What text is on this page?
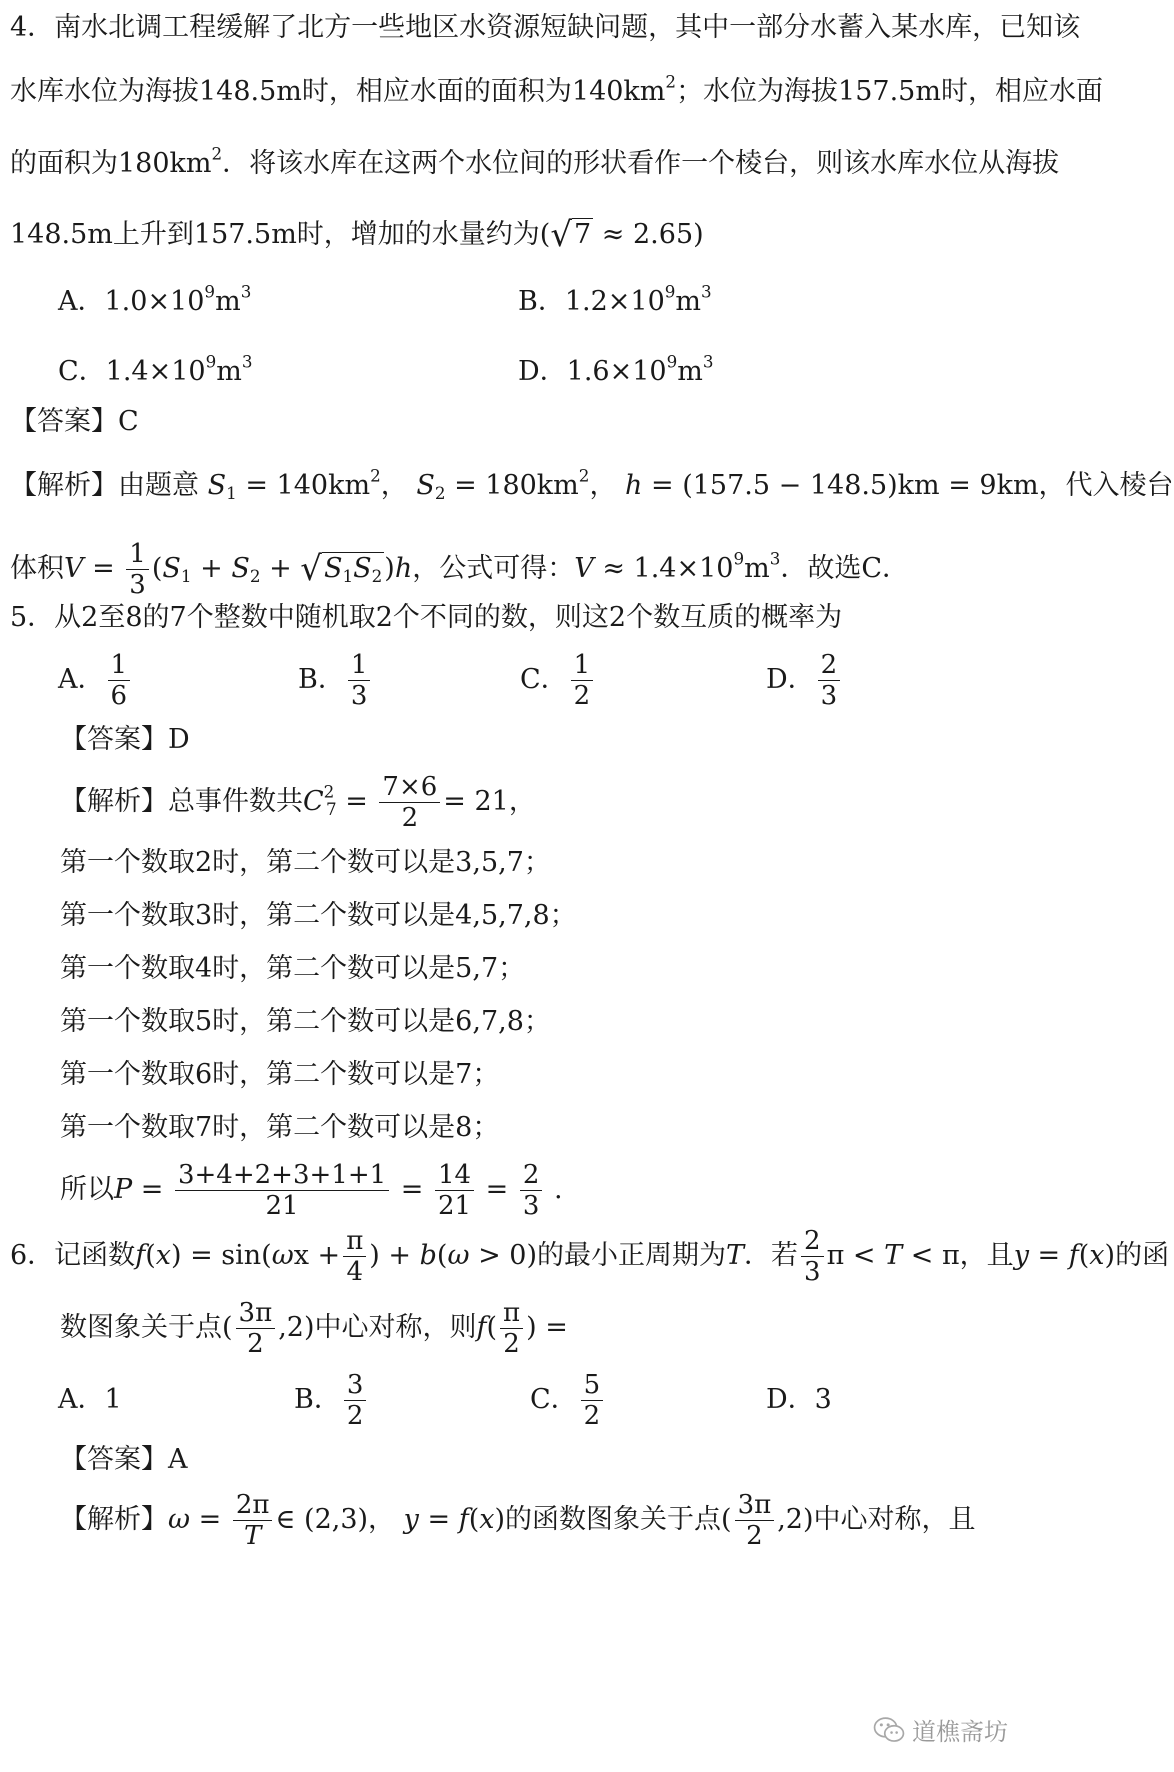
4．南水北调工程缓解了北方一些地区水资源短缺问题，其中一部分水蓄入某水库，已知该
水库水位为海拔148.5m时，相应水面的面积为$140km^2$；水位为海拔157.5m时，相应水面
的面积为$180km^2$．将该水库在这两个水位间的形状看作一个棱台，则该水库水位从海拔
148.5m上升到157.5m时，增加的水量约为(√7 ≈ 2.65)
A．$1.0\times 10^9m^3$	B．$1.2\times 10^9m^3$
C．$1.4\times 10^9m^3$	D．$1.6\times 10^9m^3$
【答案】C
【解析】由题意 $S_1 = 140km^2$， $S_2 = 180km^2$， h = (157.5 − 148.5)km = 9km，代入棱台
体积$V = \frac{1}{3} (S_1 + S_2 + √S_1S_2)h$，公式可得：$V \approx 1.4\times 10^9m^3$．故选C．
5．从2至8的7个整数中随机取2个不同的数，则这2个数互质的概率为
A． $\frac{1}{6}$	B． $\frac{1}{3}$	C． $\frac{1}{2}$	D． $\frac{2}{3}$
【答案】D
【解析】总事件数共$C^2_7 = \frac{7\times 6}{2} = 21$，
第一个数取2时，第二个数可以是3,5,7；
第一个数取3时，第二个数可以是4,5,7,8；
第一个数取4时，第二个数可以是5,7；
第一个数取5时，第二个数可以是6,7,8；
第一个数取6时，第二个数可以是7；
第一个数取7时，第二个数可以是8；
所以$P = \frac{3+4+2+3+1+1}{21} = \frac{14}{21} = \frac{2}{3}$ .
6．记函数$f(x) = \sin(\omega x + \frac{\pi}{4}$ ) + b(ω > 0)的最小正周期为T．若 $\frac{2}{3}$ π < T < π，且y = f(x)的函
数图象关于点( $\frac{3\pi}{2} ,2$)中心对称，则$f( \frac{\pi}{2}$ ) =
A．1	B． $\frac{3}{2}$	C． $\frac{5}{2}$	D．3
【答案】A
【解析】$\omega = \frac{2\pi}{T}$ ∈ (2,3)， y = f(x)的函数图象关于点( $\frac{3\pi}{2} ,2$)中心对称，且
道樵斋坊
